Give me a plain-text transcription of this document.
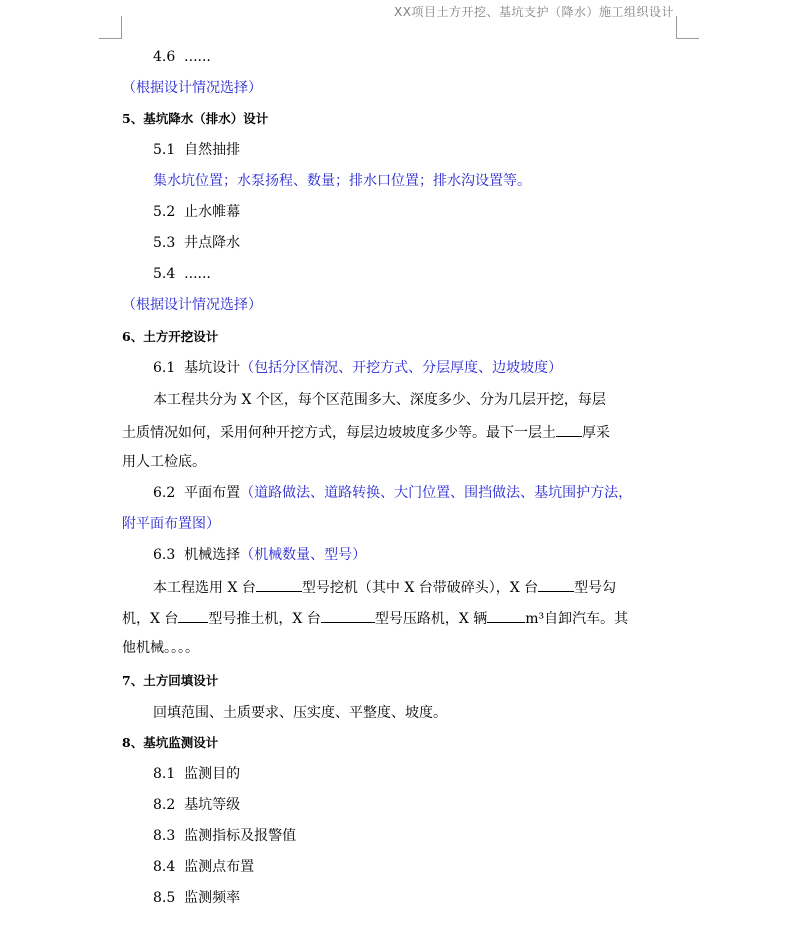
XX项目土方开挖、基坑支护（降水）施工组织设计
4.6 ......
（根据设计情况选择）
5、基坑降水（排水）设计
5.1 自然抽排
集水坑位置；水泵扬程、数量；排水口位置；排水沟设置等。
5.2 止水帷幕
5.3 井点降水
5.4 ......
（根据设计情况选择）
6、土方开挖设计
6.1 基坑设计（包括分区情况、开挖方式、分层厚度、边坡坡度）
本工程共分为 X 个区，每个区范围多大、深度多少、分为几层开挖，每层
土质情况如何，采用何种开挖方式，每层边坡坡度多少等。最下一层土 厚采
用人工检底。
6.2 平面布置（道路做法、道路转换、大门位置、围挡做法、基坑围护方法，
附平面布置图）
6.3 机械选择（机械数量、型号）
本工程选用 X 台	型号挖机（其中 X 台带破碎头），X 台	型号勾
机，X 台 型号推土机，X 台	型号压路机，X 辆	m³自卸汽车。其
他机械。。。。
7、土方回填设计
回填范围、土质要求、压实度、平整度、坡度。
8、基坑监测设计
8.1 监测目的
8.2 基坑等级
8.3 监测指标及报警值
8.4 监测点布置
8.5 监测频率
